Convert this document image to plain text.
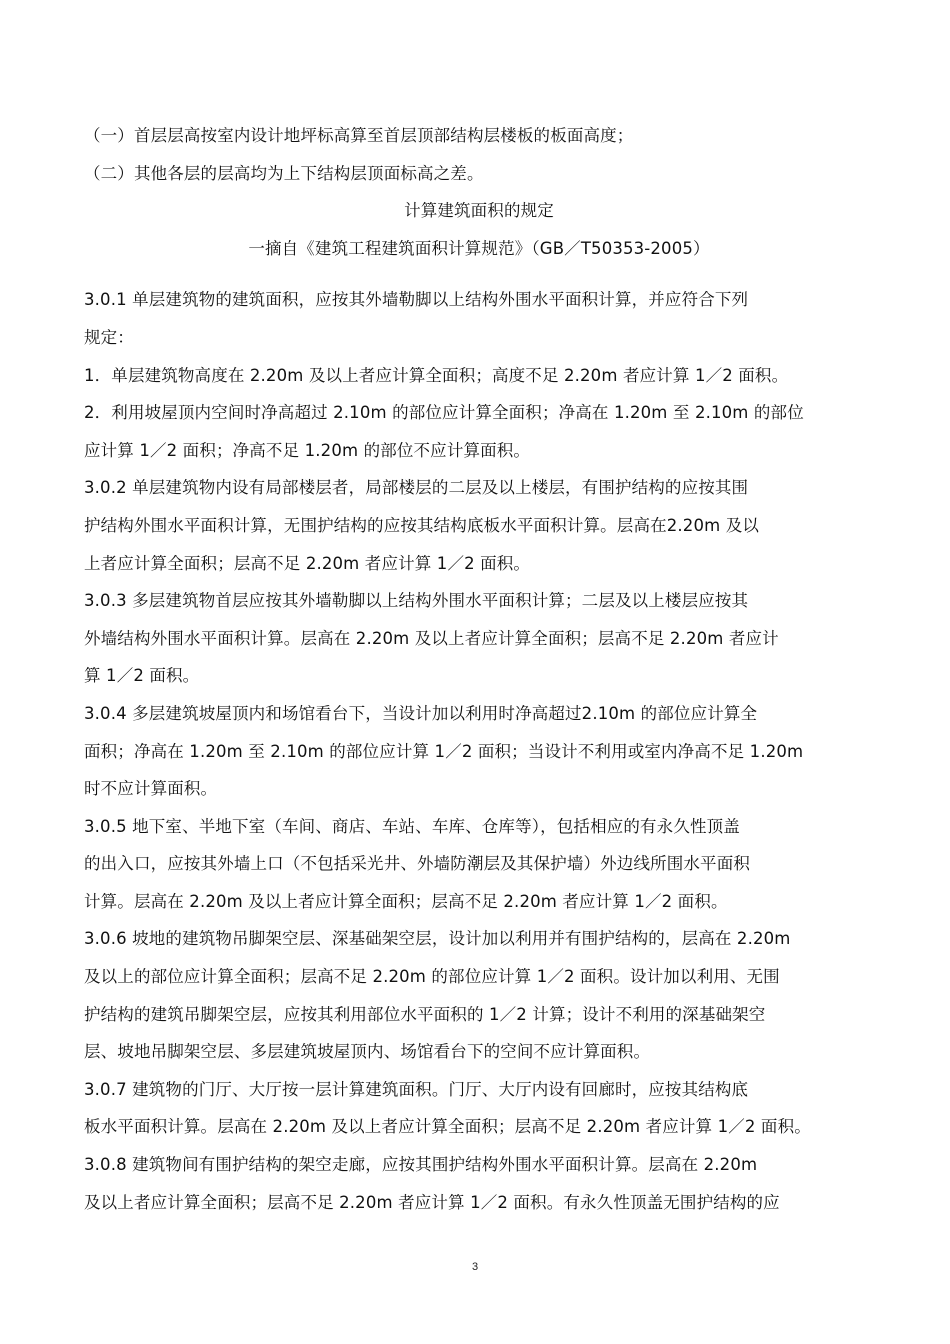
（一）首层层高按室内设计地坪标高算至首层顶部结构层楼板的板面高度；

（二）其他各层的层高均为上下结构层顶面标高之差。

计算建筑面积的规定

一摘自《建筑工程建筑面积计算规范》（GB／T50353-2005）

3.0.1 单层建筑物的建筑面积，应按其外墙勒脚以上结构外围水平面积计算，并应符合下列

规定：

1．单层建筑物高度在 2.20m 及以上者应计算全面积；高度不足 2.20m 者应计算 1／2 面积。

2．利用坡屋顶内空间时净高超过 2.10m 的部位应计算全面积；净高在 1.20m 至 2.10m 的部位

应计算 1／2 面积；净高不足 1.20m 的部位不应计算面积。

3.0.2 单层建筑物内设有局部楼层者，局部楼层的二层及以上楼层，有围护结构的应按其围

护结构外围水平面积计算，无围护结构的应按其结构底板水平面积计算。层高在2.20m 及以

上者应计算全面积；层高不足 2.20m 者应计算 1／2 面积。

3.0.3 多层建筑物首层应按其外墙勒脚以上结构外围水平面积计算；二层及以上楼层应按其

外墙结构外围水平面积计算。层高在 2.20m 及以上者应计算全面积；层高不足 2.20m 者应计

算 1／2 面积。

3.0.4 多层建筑坡屋顶内和场馆看台下，当设计加以利用时净高超过2.10m 的部位应计算全

面积；净高在 1.20m 至 2.10m 的部位应计算 1／2 面积；当设计不利用或室内净高不足 1.20m

时不应计算面积。

3.0.5 地下室、半地下室（车间、商店、车站、车库、仓库等），包括相应的有永久性顶盖

的出入口，应按其外墙上口（不包括采光井、外墙防潮层及其保护墙）外边线所围水平面积

计算。层高在 2.20m 及以上者应计算全面积；层高不足 2.20m 者应计算 1／2 面积。

3.0.6 坡地的建筑物吊脚架空层、深基础架空层，设计加以利用并有围护结构的，层高在 2.20m

及以上的部位应计算全面积；层高不足 2.20m 的部位应计算 1／2 面积。设计加以利用、无围

护结构的建筑吊脚架空层，应按其利用部位水平面积的 1／2 计算；设计不利用的深基础架空

层、坡地吊脚架空层、多层建筑坡屋顶内、场馆看台下的空间不应计算面积。

3.0.7 建筑物的门厅、大厅按一层计算建筑面积。门厅、大厅内设有回廊时，应按其结构底

板水平面积计算。层高在 2.20m 及以上者应计算全面积；层高不足 2.20m 者应计算 1／2 面积。

3.0.8 建筑物间有围护结构的架空走廊，应按其围护结构外围水平面积计算。层高在 2.20m

及以上者应计算全面积；层高不足 2.20m 者应计算 1／2 面积。有永久性顶盖无围护结构的应

3
